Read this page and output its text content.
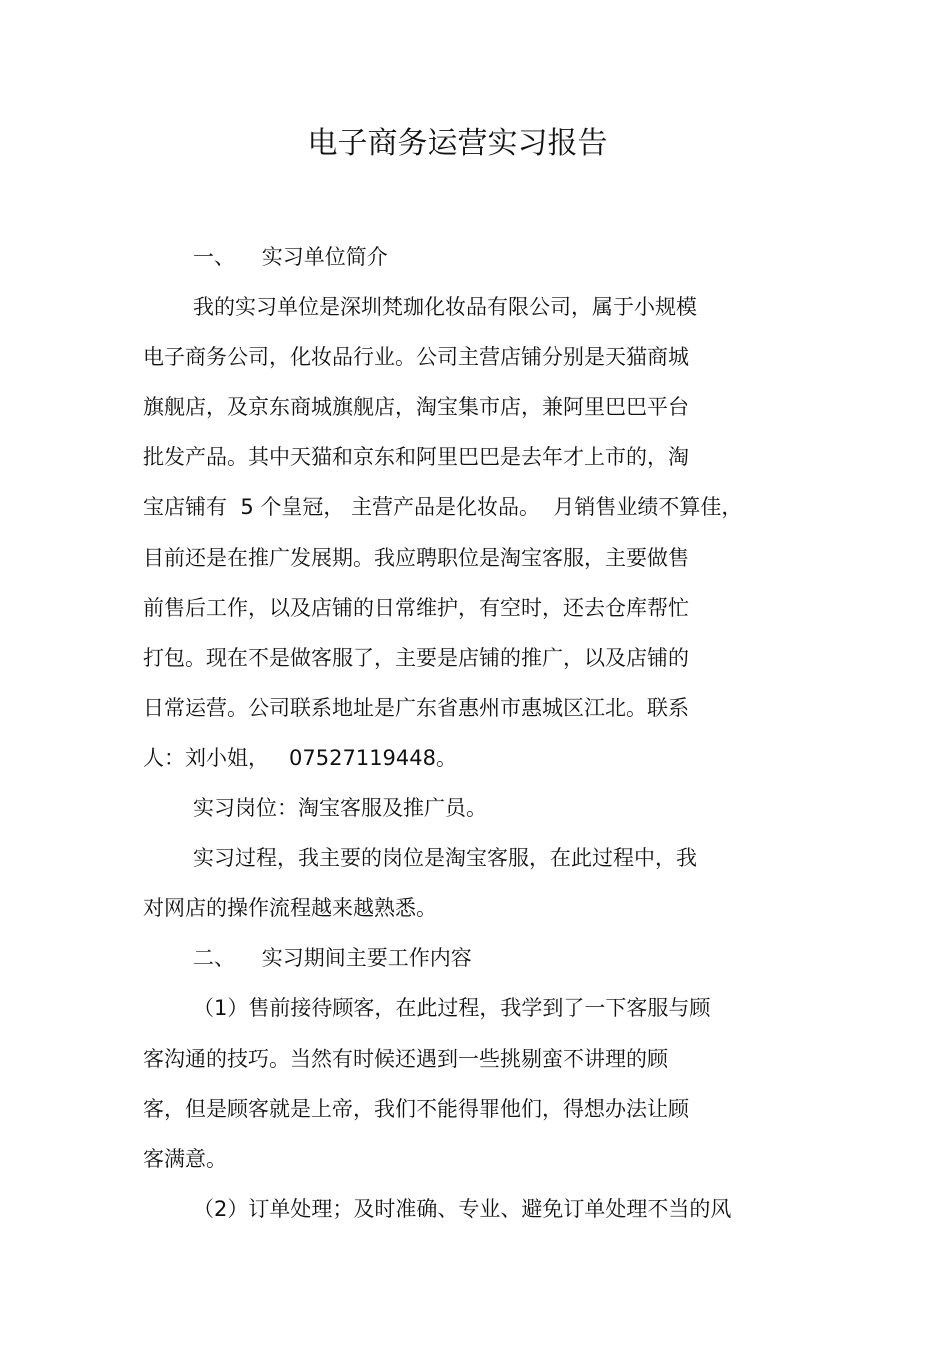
电子商务运营实习报告
一、    实习单位简介
我的实习单位是深圳梵珈化妆品有限公司，属于小规模
电子商务公司，化妆品行业。公司主营店铺分别是天猫商城
旗舰店，及京东商城旗舰店，淘宝集市店，兼阿里巴巴平台
批发产品。其中天猫和京东和阿里巴巴是去年才上市的，淘
宝店铺有  5 个皇冠， 主营产品是化妆品。  月销售业绩不算佳，
目前还是在推广发展期。我应聘职位是淘宝客服，主要做售
前售后工作，以及店铺的日常维护，有空时，还去仓库帮忙
打包。现在不是做客服了，主要是店铺的推广，以及店铺的
日常运营。公司联系地址是广东省惠州市惠城区江北。联系
人：刘小姐，   07527119448。
实习岗位：淘宝客服及推广员。
实习过程，我主要的岗位是淘宝客服，在此过程中，我
对网店的操作流程越来越熟悉。
二、    实习期间主要工作内容
（1）售前接待顾客，在此过程，我学到了一下客服与顾
客沟通的技巧。当然有时候还遇到一些挑剔蛮不讲理的顾
客，但是顾客就是上帝，我们不能得罪他们，得想办法让顾
客满意。
（2）订单处理；及时准确、专业、避免订单处理不当的风
